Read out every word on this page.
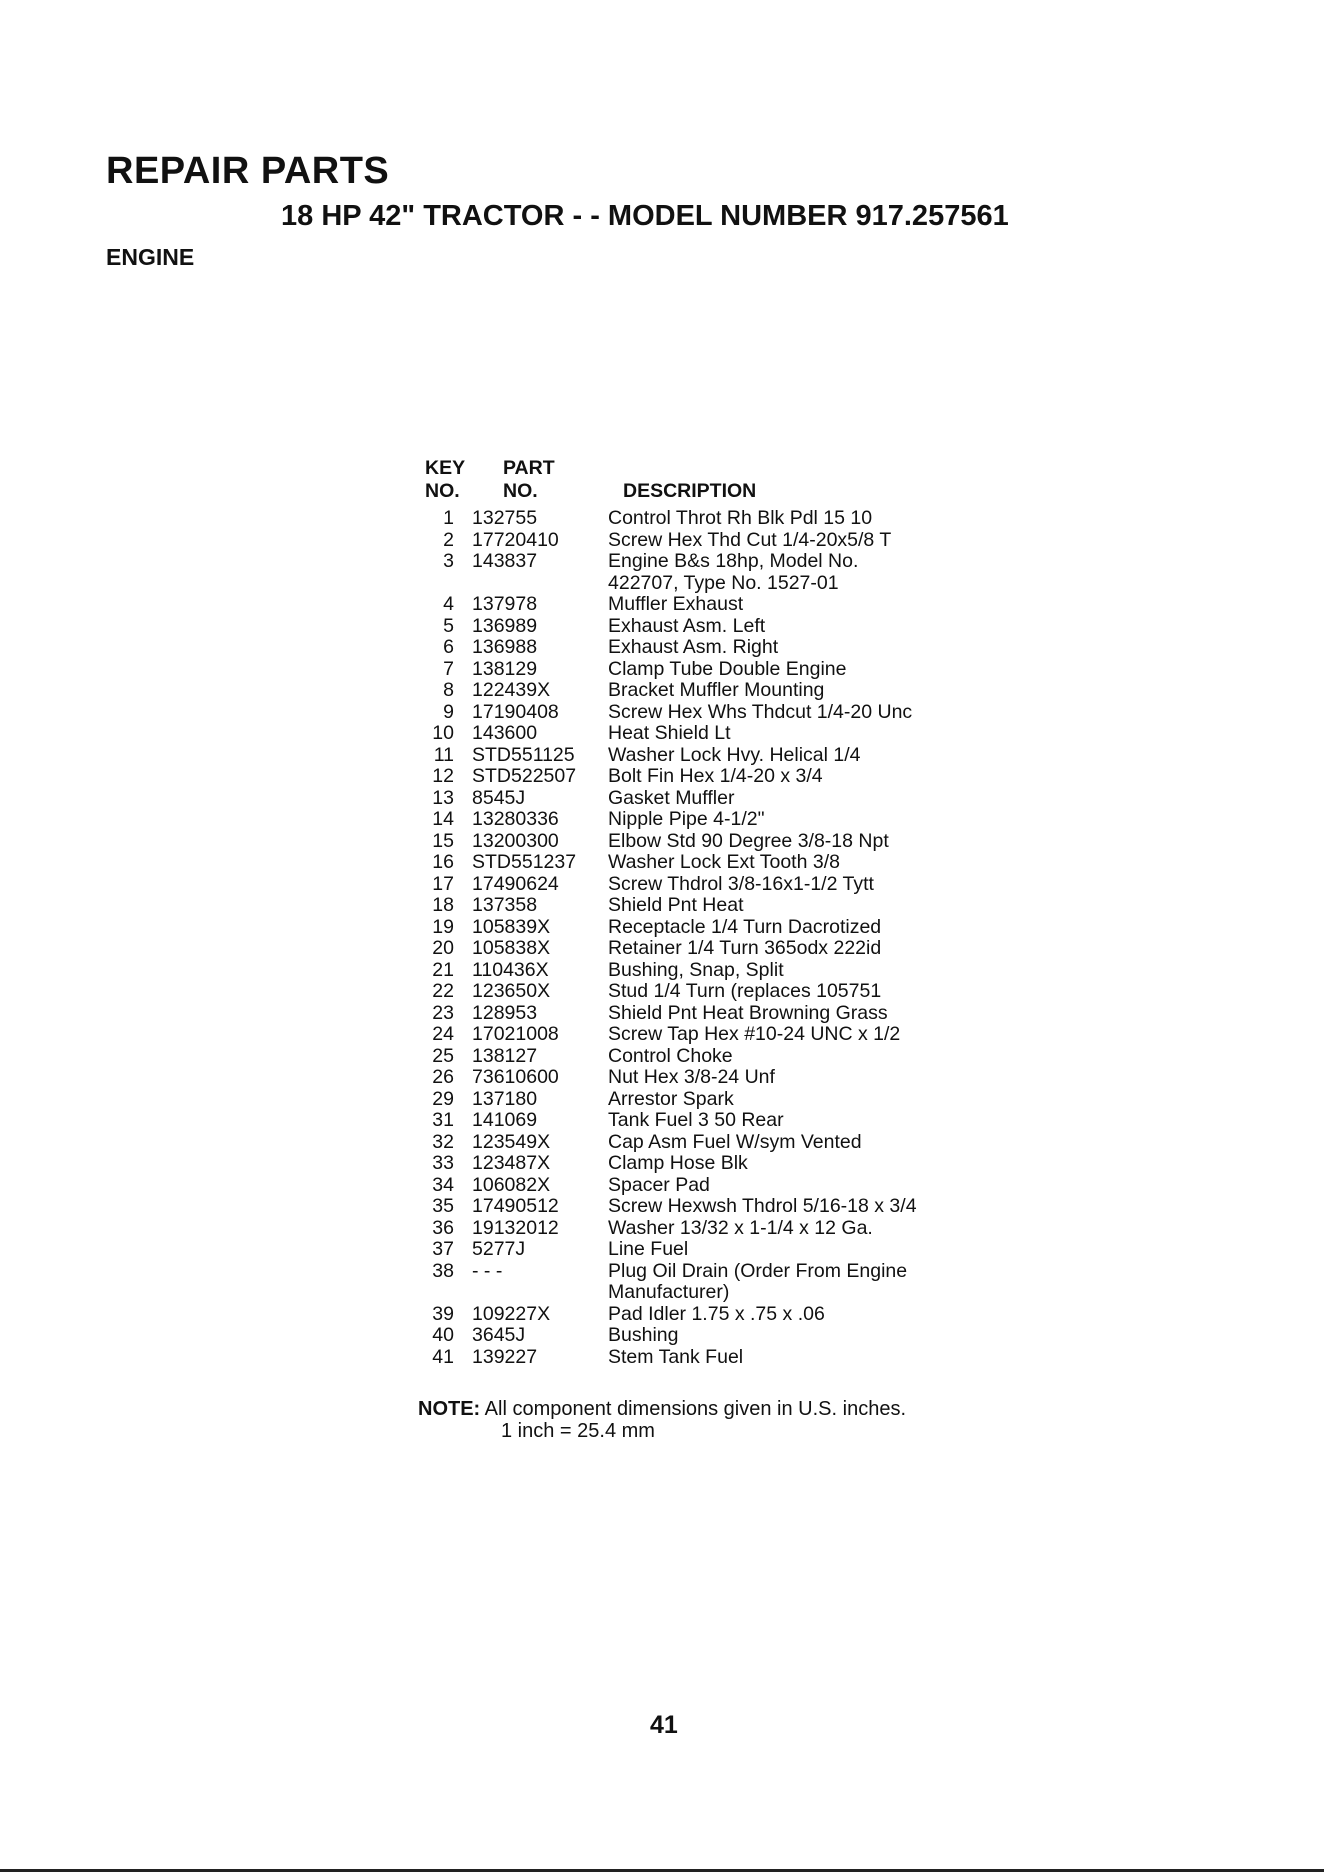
REPAIR PARTS
18 HP 42" TRACTOR - - MODEL NUMBER 917.257561
ENGINE
KEY PART
NO. NO.	DESCRIPTION
1 132755	Control Throt Rh Blk Pdl 15 10
2 17720410	Screw Hex Thd Cut 1/4-20x5/8 T
3 143837	Engine B&s 18hp, Model No.
422707, Type No. 1527-01
4 137978	Muffler Exhaust
5 136989	Exhaust Asm. Left
6 136988	Exhaust Asm. Right
7 138129	Clamp Tube Double Engine
8 122439X	Bracket Muffler Mounting
9 17190408	Screw Hex Whs Thdcut 1/4-20 Unc
10 143600	Heat Shield Lt
11 STD551125	Washer Lock Hvy. Helical 1/4
12 STD522507	Bolt Fin Hex 1/4-20 x 3/4
13 8545J	Gasket Muffler
14 13280336	Nipple Pipe 4-1/2"
15 13200300	Elbow Std 90 Degree 3/8-18 Npt
16 STD551237	Washer Lock Ext Tooth 3/8
17 17490624	Screw Thdrol 3/8-16x1-1/2 Tytt
18 137358	Shield Pnt Heat
19 105839X	Receptacle 1/4 Turn Dacrotized
20 105838X	Retainer 1/4 Turn 365odx 222id
21 110436X	Bushing, Snap, Split
22 123650X	Stud 1/4 Turn (replaces 105751
23 128953	Shield Pnt Heat Browning Grass
24 17021008	Screw Tap Hex #10-24 UNC x 1/2
25 138127	Control Choke
26 73610600	Nut Hex 3/8-24 Unf
29 137180	Arrestor Spark
31 141069	Tank Fuel 3 50 Rear
32 123549X	Cap Asm Fuel W/sym Vented
33 123487X	Clamp Hose Blk
34 106082X	Spacer Pad
35 17490512	Screw Hexwsh Thdrol 5/16-18 x 3/4
36 19132012	Washer 13/32 x 1-1/4 x 12 Ga.
37 5277J	Line Fuel
38 - - -	Plug Oil Drain (Order From Engine
Manufacturer)
39 109227X	Pad Idler 1.75 x .75 x .06
40 3645J	Bushing
41 139227	Stem Tank Fuel
NOTE: All component dimensions given in U.S. inches.
1 inch = 25.4 mm
41
